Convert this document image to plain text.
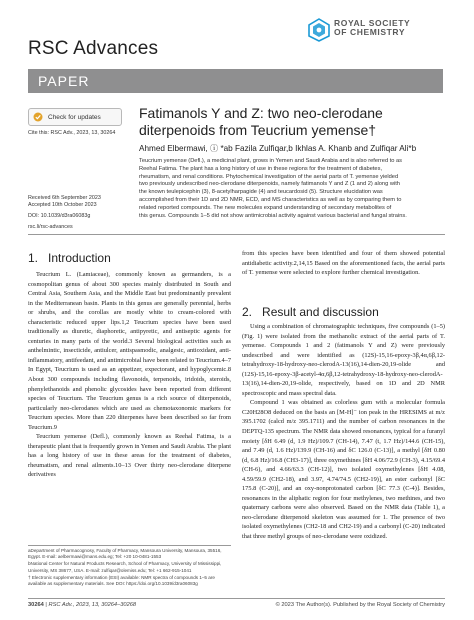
RSC Advances
ROYAL SOCIETY
OF CHEMISTRY
PAPER
Check for updates
Cite this: RSC Adv., 2023, 13, 30264
Received 6th September 2023
Accepted 10th October 2023
DOI: 10.1039/d3ra06083g
rsc.li/rsc-advances
Fatimanols Y and Z: two neo-clerodane
diterpenoids from Teucrium yemense†
Ahmed Elbermawi, ⓘ *ab Fazila Zulfiqar,b Ikhlas A. Khanb and Zulfiqar Ali*b
Teucrium yemense (Defl.), a medicinal plant, grows in Yemen and Saudi Arabia and is also referred to as
Reehal Fatima. The plant has a long history of use in these regions for the treatment of diabetes,
rheumatism, and renal conditions. Phytochemical investigation of the aerial parts of T. yemense yielded
two previously undescribed neo-clerodane diterpenoids, namely fatimanols Y and Z (1 and 2) along with
the known teulepicephin (3), 8-acetylharpagide (4) and teucardosid (5). Structure elucidation was
accomplished from their 1D and 2D NMR, ECD, and MS characteristics as well as by comparing them to
related reported compounds. The new molecules expand understanding of secondary metabolites of
this genus. Compounds 1–5 did not show antimicrobial activity against various bacterial and fungal strains.
1. Introduction

Teucrium L. (Lamiaceae), commonly known as germanders, is a cosmopolitan genus of about 300 species mainly distributed in South and Central Asia, Southern Asia, and the Middle East but predominantly prevalent in the Mediterranean basin. Plants in this genus are generally perennial, herbs or shrubs, and the corollas are mostly white to cream-colored with characteristic reduced upper lips.1,2 Teucrium species have been used traditionally as diuretic, diaphoretic, antipyretic, and antiseptic agents for centuries in many parts of the world.3 Several biological activities such as anthelmintic, insecticide, antiulcer, antispasmodic, analgesic, antioxidant, anti-inflammatory, antifeedant, and antimicrobial have been related to Teucrium.4–7 In Egypt, Teucrium is used as an appetizer, expectorant, and hypoglycemic.8 About 300 compounds including flavonoids, terpenoids, iridoids, steroids, phenylethanoids and phenolic glycosides have been reported from different species of Teucrium. The Teucrium genus is a rich source of diterpenoids, particularly neo-clerodanes which are used as chemotaxonomic markers for Teucrium species. More than 220 diterpenes have been described so far from Teucrium.9

Teucrium yemense (Defl.), commonly known as Reehal Fatima, is a therapeutic plant that is frequently grown in Yemen and Saudi Arabia. The plant has a long history of use in these areas for the treatment of diabetes, rheumatism, and renal ailments.10–13 Over thirty neo-clerodane diterpene derivatives

aDepartment of Pharmacognosy, Faculty of Pharmacy, Mansoura University, Mansoura, 35516, Egypt. E-mail: aelbermawi@mans.edu.eg; Tel: +20 10-0481-1553

bNational Center for Natural Products Research, School of Pharmacy, University of Mississippi, University, MS 38677, USA. E-mail: zulfiqar@olemiss.edu; Tel: +1 662-915-1041

† Electronic supplementary information (ESI) available: NMR spectra of compounds 1–5 are available as supplementary materials. See DOI: https://doi.org/10.1039/d3ra06083g

from this species have been identified and four of them showed potential antidiabetic activity.2,14,15 Based on the aforementioned facts, the aerial parts of T. yemense were selected to explore further chemical investigation.

2. Result and discussion

Using a combination of chromatographic techniques, five compounds (1–5) (Fig. 1) were isolated from the methanolic extract of the aerial parts of T. yemense. Compounds 1 and 2 (fatimanols Y and Z) were previously undescribed and were identified as (12S)-15,16-epoxy-3β,4α,6β,12-tetrahydroxy-18-hydroxy-neo-clerodA-13(16),14-dien-20,19-olide and (12S)-15,16-epoxy-3β-acetyl-4α,6β,12-tetrahydroxy-18-hydroxy-neo-clerodA-13(16),14-dien-20,19-olide, respectively, based on 1D and 2D NMR spectroscopic and mass spectral data.

Compound 1 was obtained as colorless gum with a molecular formula C20H28O8 deduced on the basis an [M-H]⁻ ion peak in the HRESIMS at m/z 395.1702 (calcd m/z 395.1711) and the number of carbon resonances in the DEPTQ-135 spectrum. The NMR data showed resonances, typical for a furanyl moiety [δH 6.49 (d, 1.9 Hz)/109.7 (CH-14), 7.47 (t, 1.7 Hz)/144.6 (CH-15), and 7.49 (d, 1.6 Hz)/139.9 (CH-16) and δC 126.0 (C-13)], a methyl [δH 0.80 (d, 6.8 Hz)/16.8 (CH3-17)], three oxymethines [δH 4.06/72.9 (CH-3), 4.15/69.4 (CH-6), and 4.66/63.3 (CH-12)], two isolated oxymethylenes [δH 4.08, 4.59/59.9 (CH2-18), and 3.97, 4.74/74.5 (CH2-19)], an ester carbonyl [δC 175.8 (C-20)], and an oxy-nonprotonated carbon [δC 77.3 (C-4)]. Besides, resonances in the aliphatic region for four methylenes, two methines, and two quaternary carbons were also observed. Based on the NMR data (Table 1), a neo-clerodane diterpenoid skeleton was assumed for 1. The presence of two isolated oxymethylenes (CH2-18 and CH2-19) and a carbonyl (C-20) indicated that three methyl groups of neo-clerodane were oxidized.

30264 | RSC Adv., 2023, 13, 30264–30268	© 2023 The Author(s). Published by the Royal Society of Chemistry
